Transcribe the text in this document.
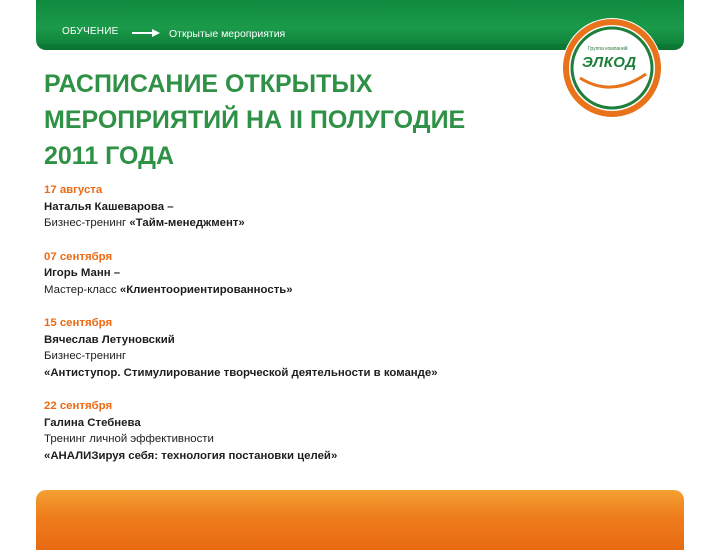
ОБУЧЕНИЕ	Открытые мероприятия
Группа компаний
ЭЛКОД
РАСПИСАНИЕ ОТКРЫТЫХ
МЕРОПРИЯТИЙ НА II ПОЛУГОДИЕ
2011 ГОДА
17 августа
Наталья Кашеварова –
Бизнес-тренинг «Тайм-менеджмент»
07 сентября
Игорь Манн –
Мастер-класс «Клиентоориентированность»
15 сентября
Вячеслав Летуновский
Бизнес-тренинг
«Антиступор. Стимулирование творческой деятельности в команде»
22 сентября
Галина Стебнева
Тренинг личной эффективности
«АНАЛИЗируя себя: технология постановки целей»
